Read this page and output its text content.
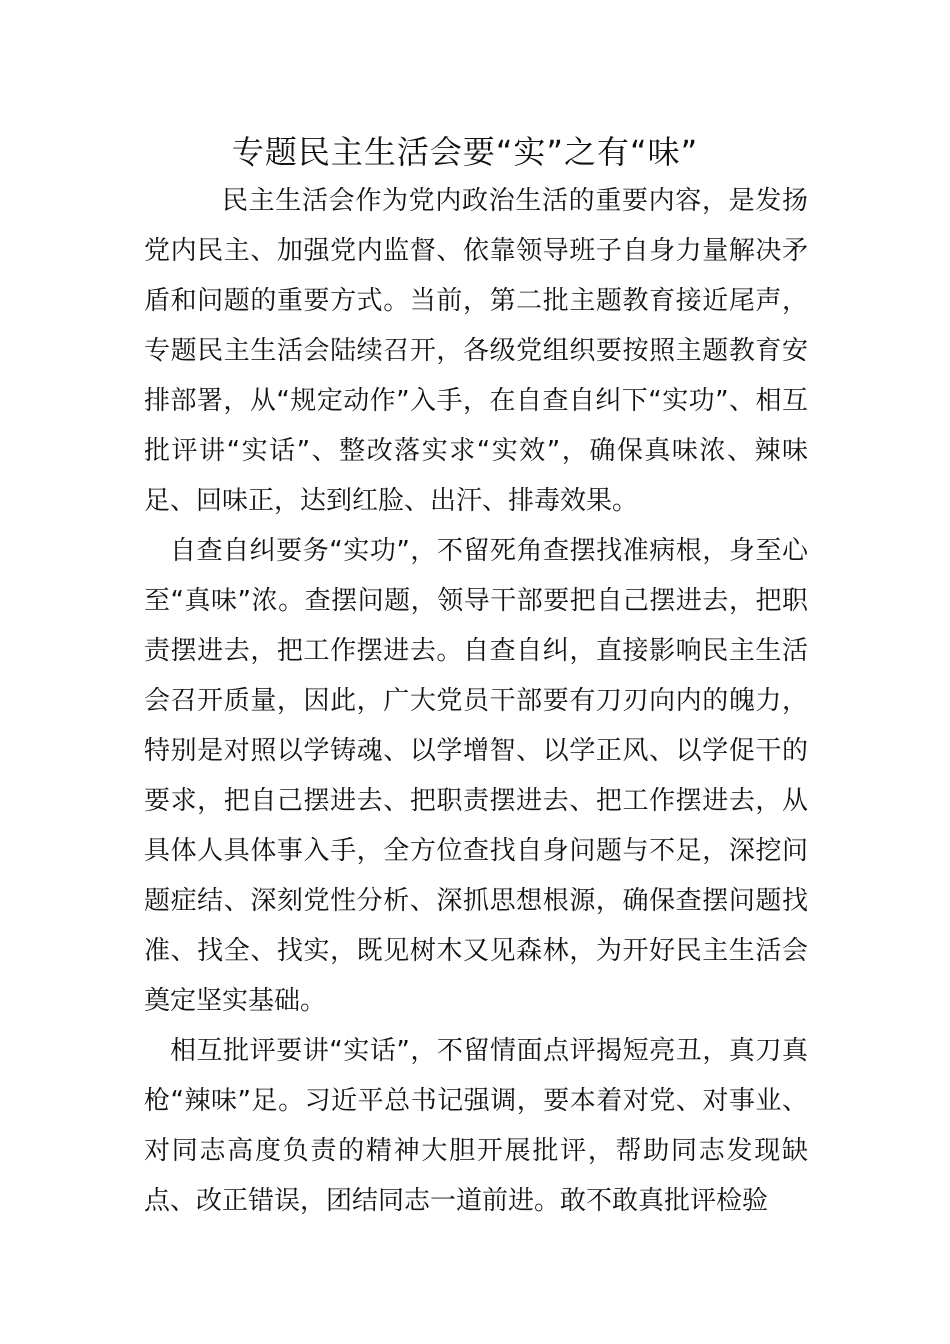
专题民主生活会要“实”之有“味”

民主生活会作为党内政治生活的重要内容，是发扬党内民主、加强党内监督、依靠领导班子自身力量解决矛盾和问题的重要方式。当前，第二批主题教育接近尾声，专题民主生活会陆续召开，各级党组织要按照主题教育安排部署，从“规定动作”入手，在自查自纠下“实功”、相互批评讲“实话”、整改落实求“实效”，确保真味浓、辣味足、回味正，达到红脸、出汗、排毒效果。

自查自纠要务“实功”，不留死角查摆找准病根，身至心至“真味”浓。查摆问题，领导干部要把自己摆进去，把职责摆进去，把工作摆进去。自查自纠，直接影响民主生活会召开质量，因此，广大党员干部要有刀刃向内的魄力，特别是对照以学铸魂、以学增智、以学正风、以学促干的要求，把自己摆进去、把职责摆进去、把工作摆进去，从具体人具体事入手，全方位查找自身问题与不足，深挖问题症结、深刻党性分析、深抓思想根源，确保查摆问题找准、找全、找实，既见树木又见森林，为开好民主生活会奠定坚实基础。

相互批评要讲“实话”，不留情面点评揭短亮丑，真刀真枪“辣味”足。习近平总书记强调，要本着对党、对事业、对同志高度负责的精神大胆开展批评，帮助同志发现缺点、改正错误，团结同志一道前进。敢不敢真批评检验
